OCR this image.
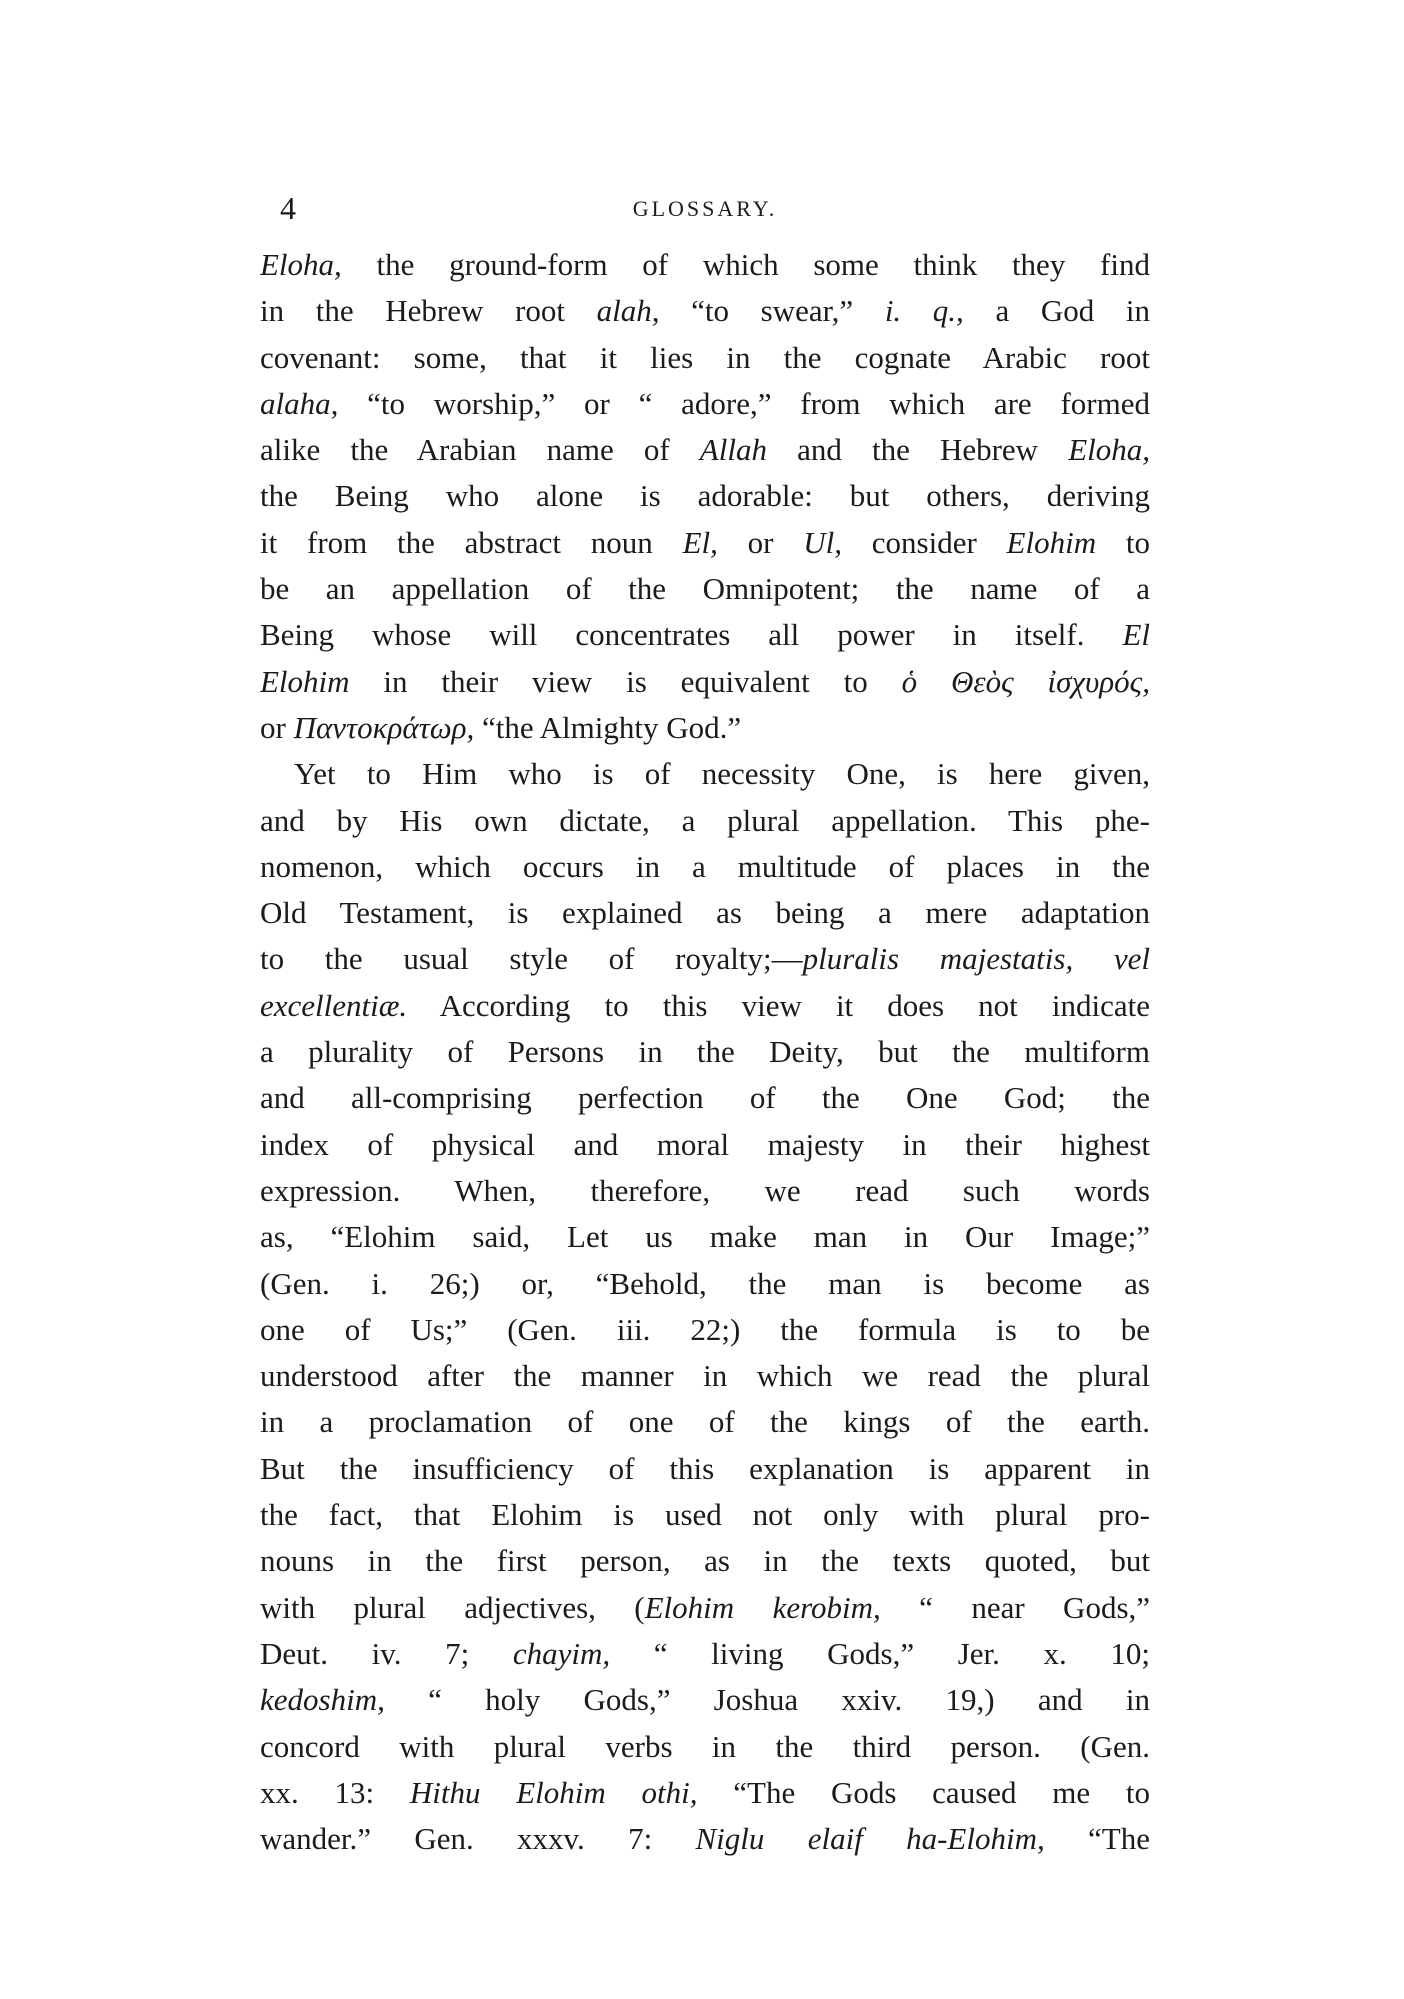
4	GLOSSARY.
Eloha, the ground-form of which some think they find
in the Hebrew root alah, “to swear,” i. q., a God in
covenant: some, that it lies in the cognate Arabic root
alaha, “to worship,” or “ adore,” from which are formed
alike the Arabian name of Allah and the Hebrew Eloha,
the Being who alone is adorable: but others, deriving
it from the abstract noun El, or Ul, consider Elohim to
be an appellation of the Omnipotent; the name of a
Being whose will concentrates all power in itself. El
Elohim in their view is equivalent to ὁ Θεὸς ἰσχυρός,
or Παντοκράτωρ, “the Almighty God.”
Yet to Him who is of necessity One, is here given,
and by His own dictate, a plural appellation. This phe-
nomenon, which occurs in a multitude of places in the
Old Testament, is explained as being a mere adaptation
to the usual style of royalty;—pluralis majestatis, vel
excellentiæ. According to this view it does not indicate
a plurality of Persons in the Deity, but the multiform
and all-comprising perfection of the One God; the
index of physical and moral majesty in their highest
expression. When, therefore, we read such words
as, “Elohim said, Let us make man in Our Image;”
(Gen. i. 26;) or, “Behold, the man is become as
one of Us;” (Gen. iii. 22;) the formula is to be
understood after the manner in which we read the plural
in a proclamation of one of the kings of the earth.
But the insufficiency of this explanation is apparent in
the fact, that Elohim is used not only with plural pro-
nouns in the first person, as in the texts quoted, but
with plural adjectives, (Elohim kerobim, “ near Gods,”
Deut. iv. 7; chayim, “ living Gods,” Jer. x. 10;
kedoshim, “ holy Gods,” Joshua xxiv. 19,) and in
concord with plural verbs in the third person. (Gen.
xx. 13: Hithu Elohim othi, “The Gods caused me to
wander.” Gen. xxxv. 7: Niglu elaif ha-Elohim, “The
